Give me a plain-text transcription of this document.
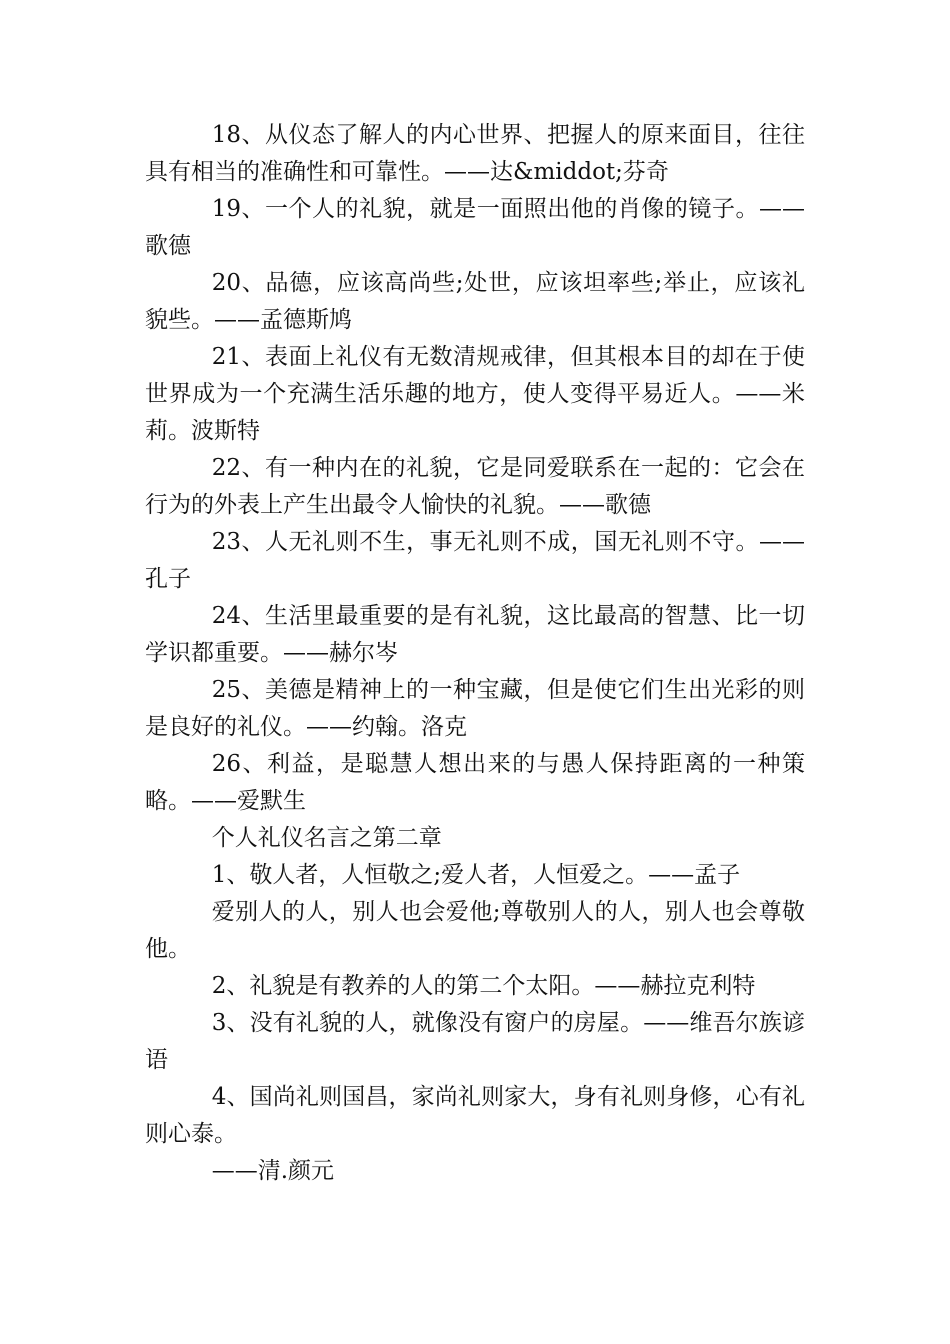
18、从仪态了解人的内心世界、把握人的原来面目，往往具有相当的准确性和可靠性。——达&middot;芬奇

19、一个人的礼貌，就是一面照出他的肖像的镜子。——歌德

20、品德，应该高尚些;处世，应该坦率些;举止，应该礼貌些。——孟德斯鸠

21、表面上礼仪有无数清规戒律，但其根本目的却在于使世界成为一个充满生活乐趣的地方，使人变得平易近人。——米莉。波斯特

22、有一种内在的礼貌，它是同爱联系在一起的：它会在行为的外表上产生出最令人愉快的礼貌。——歌德

23、人无礼则不生，事无礼则不成，国无礼则不守。——孔子

24、生活里最重要的是有礼貌，这比最高的智慧、比一切学识都重要。——赫尔岑

25、美德是精神上的一种宝藏，但是使它们生出光彩的则是良好的礼仪。——约翰。洛克

26、利益，是聪慧人想出来的与愚人保持距离的一种策略。——爱默生

个人礼仪名言之第二章

1、敬人者，人恒敬之;爱人者，人恒爱之。——孟子

爱别人的人，别人也会爱他;尊敬别人的人，别人也会尊敬他。

2、礼貌是有教养的人的第二个太阳。——赫拉克利特

3、没有礼貌的人，就像没有窗户的房屋。——维吾尔族谚语

4、国尚礼则国昌，家尚礼则家大，身有礼则身修，心有礼则心泰。

——清.颜元
